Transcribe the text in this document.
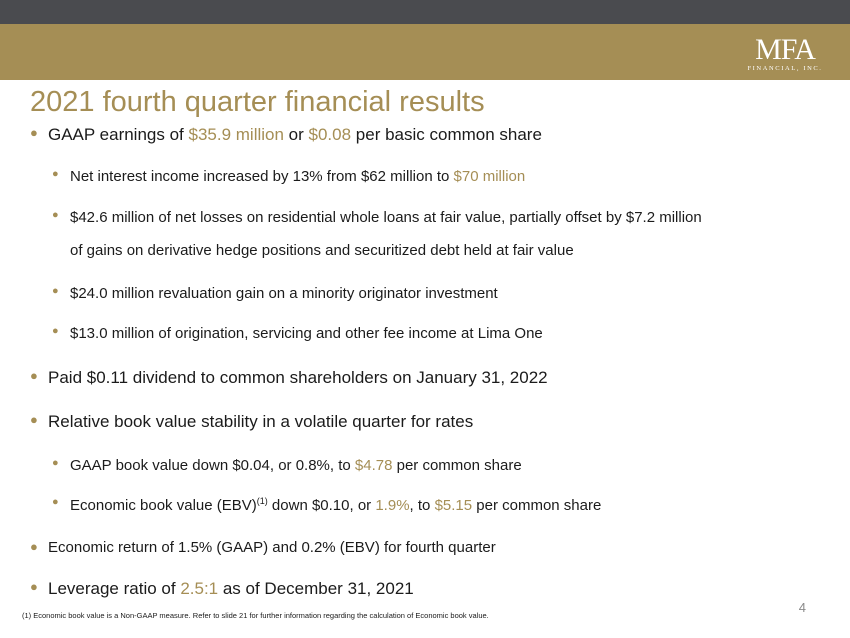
MFA
FINANCIAL, INC.
2021 fourth quarter financial results
● GAAP earnings of $35.9 million or $0.08 per basic common share
● Net interest income increased by 13% from $62 million to $70 million
● $42.6 million of net losses on residential whole loans at fair value, partially offset by $7.2 million
of gains on derivative hedge positions and securitized debt held at fair value
● $24.0 million revaluation gain on a minority originator investment
● $13.0 million of origination, servicing and other fee income at Lima One
● Paid $0.11 dividend to common shareholders on January 31, 2022
● Relative book value stability in a volatile quarter for rates
● GAAP book value down $0.04, or 0.8%, to $4.78 per common share
● Economic book value (EBV)$^{(1)}$ down $0.10, or 1.9%, to $5.15 per common share
● Economic return of 1.5% (GAAP) and 0.2% (EBV) for fourth quarter
● Leverage ratio of 2.5:1 as of December 31, 2021
(1) Economic book value is a Non-GAAP measure. Refer to slide 21 for further information regarding the calculation of Economic book value.
4
